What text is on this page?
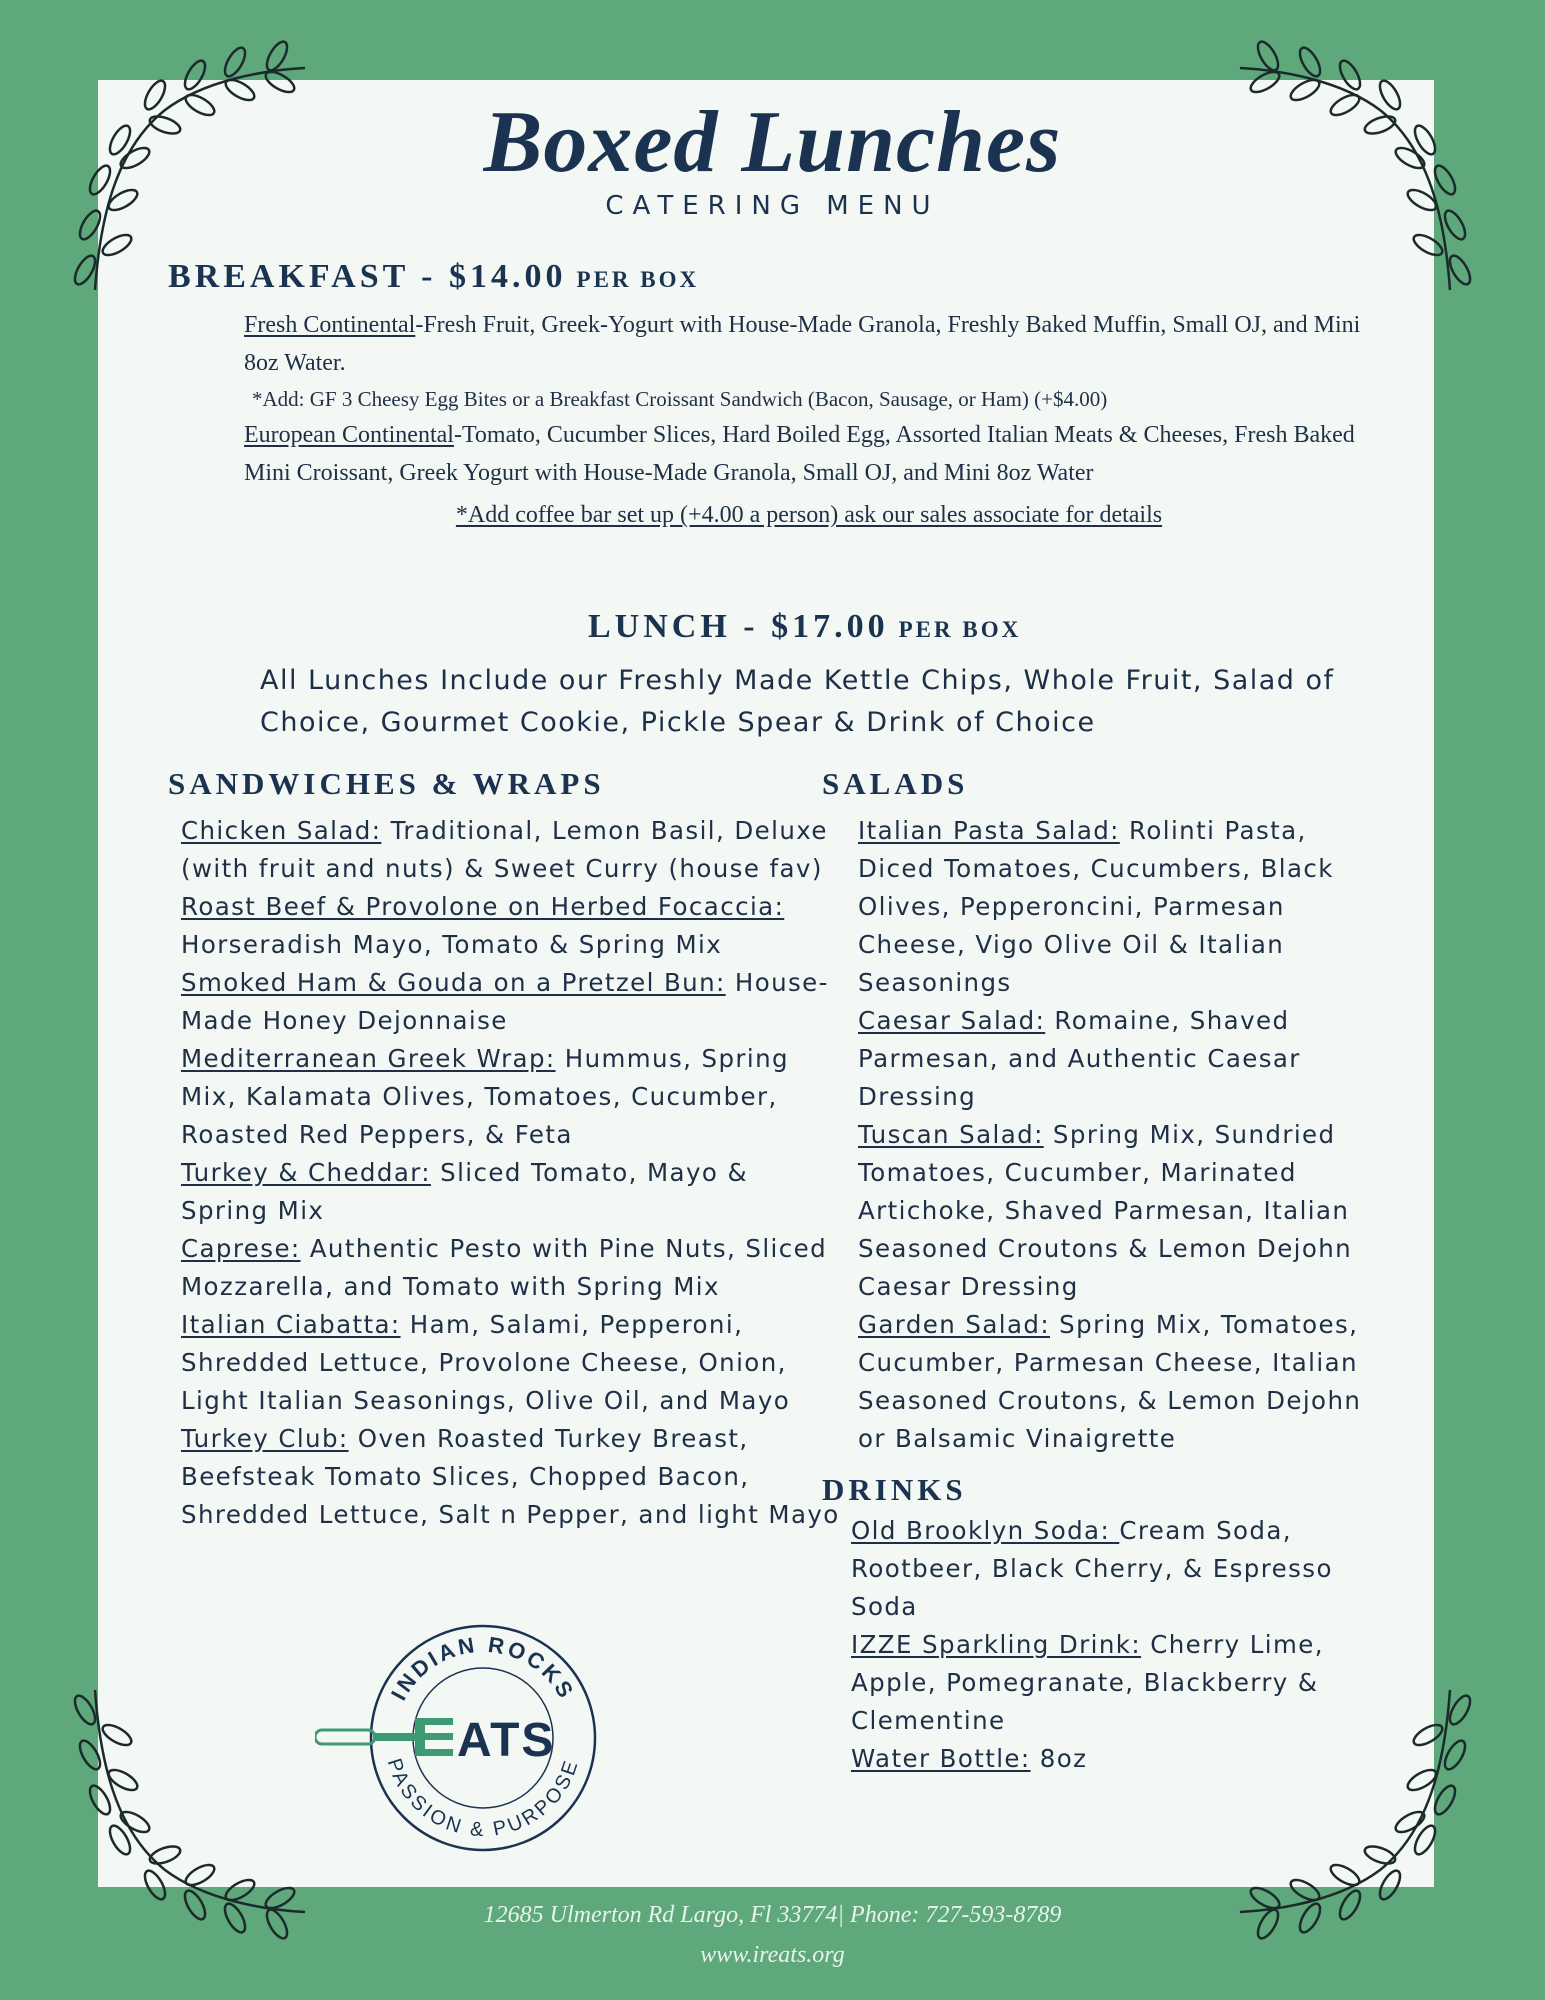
Boxed Lunches
CATERING MENU
BREAKFAST - $14.00 PER BOX
Fresh Continental-Fresh Fruit, Greek-Yogurt with House-Made Granola, Freshly Baked Muffin, Small OJ, and Mini 8oz Water.
*Add: GF 3 Cheesy Egg Bites or a Breakfast Croissant Sandwich (Bacon, Sausage, or Ham) (+$4.00)
European Continental-Tomato, Cucumber Slices, Hard Boiled Egg, Assorted Italian Meats & Cheeses, Fresh Baked Mini Croissant, Greek Yogurt with House-Made Granola, Small OJ, and Mini 8oz Water
*Add coffee bar set up (+4.00 a person) ask our sales associate for details
LUNCH - $17.00 PER BOX
All Lunches Include our Freshly Made Kettle Chips, Whole Fruit, Salad of Choice, Gourmet Cookie, Pickle Spear & Drink of Choice
SANDWICHES & WRAPS

Chicken Salad: Traditional, Lemon Basil, Deluxe (with fruit and nuts) & Sweet Curry (house fav)

Roast Beef & Provolone on Herbed Focaccia: Horseradish Mayo, Tomato & Spring Mix

Smoked Ham & Gouda on a Pretzel Bun: House-Made Honey Dejonnaise

Mediterranean Greek Wrap: Hummus, Spring Mix, Kalamata Olives, Tomatoes, Cucumber, Roasted Red Peppers, & Feta

Turkey & Cheddar: Sliced Tomato, Mayo & Spring Mix

Caprese: Authentic Pesto with Pine Nuts, Sliced Mozzarella, and Tomato with Spring Mix

Italian Ciabatta: Ham, Salami, Pepperoni, Shredded Lettuce, Provolone Cheese, Onion, Light Italian Seasonings, Olive Oil, and Mayo

Turkey Club: Oven Roasted Turkey Breast, Beefsteak Tomato Slices, Chopped Bacon, Shredded Lettuce, Salt n Pepper, and light Mayo

SALADS

Italian Pasta Salad: Rolinti Pasta, Diced Tomatoes, Cucumbers, Black Olives, Pepperoncini, Parmesan Cheese, Vigo Olive Oil & Italian Seasonings

Caesar Salad: Romaine, Shaved Parmesan, and Authentic Caesar Dressing

Tuscan Salad: Spring Mix, Sundried Tomatoes, Cucumber, Marinated Artichoke, Shaved Parmesan, Italian Seasoned Croutons & Lemon Dejohn Caesar Dressing

Garden Salad: Spring Mix, Tomatoes, Cucumber, Parmesan Cheese, Italian Seasoned Croutons, & Lemon Dejohn or Balsamic Vinaigrette

DRINKS

Old Brooklyn Soda: Cream Soda, Rootbeer, Black Cherry, & Espresso Soda

IZZE Sparkling Drink: Cherry Lime, Apple, Pomegranate, Blackberry & Clementine

Water Bottle: 8oz

INDIAN ROCKS
PASSION & PURPOSE
ATS
12685 Ulmerton Rd Largo, Fl 33774| Phone: 727-593-8789
www.ireats.org
